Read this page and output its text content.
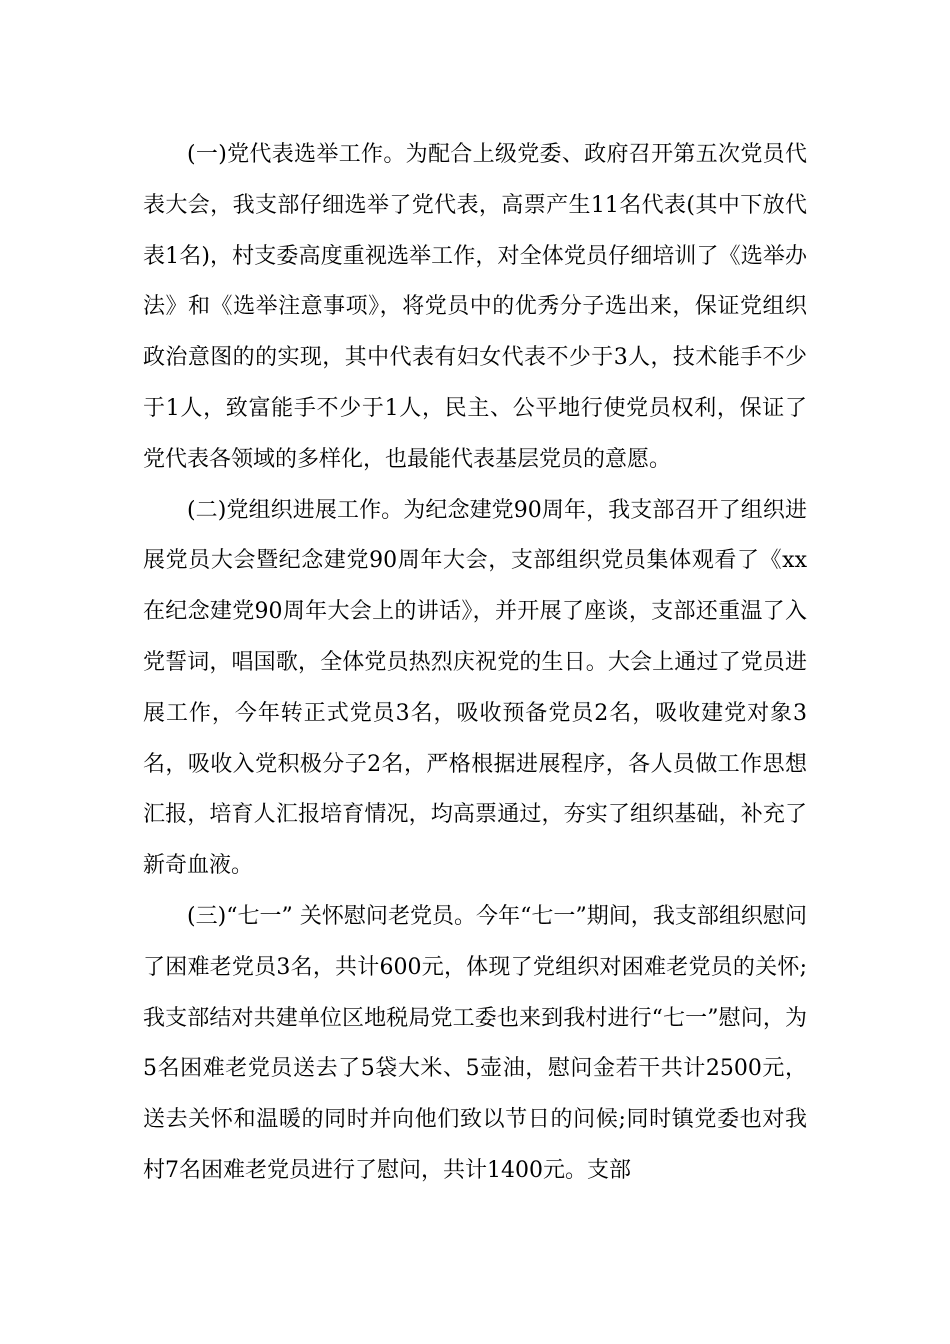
(一)党代表选举工作。为配合上级党委、政府召开第五次党员代表大会，我支部仔细选举了党代表，高票产生11名代表(其中下放代表1名)，村支委高度重视选举工作，对全体党员仔细培训了《选举办法》和《选举注意事项》，将党员中的优秀分子选出来，保证党组织政治意图的的实现，其中代表有妇女代表不少于3人，技术能手不少于1人，致富能手不少于1人，民主、公平地行使党员权利，保证了党代表各领域的多样化，也最能代表基层党员的意愿。

(二)党组织进展工作。为纪念建党90周年，我支部召开了组织进展党员大会暨纪念建党90周年大会，支部组织党员集体观看了《xx在纪念建党90周年大会上的讲话》，并开展了座谈，支部还重温了入党誓词，唱国歌，全体党员热烈庆祝党的生日。大会上通过了党员进展工作，今年转正式党员3名，吸收预备党员2名，吸收建党对象3名，吸收入党积极分子2名，严格根据进展程序，各人员做工作思想汇报，培育人汇报培育情况，均高票通过，夯实了组织基础，补充了新奇血液。

(三)“七一” 关怀慰问老党员。今年“七一”期间，我支部组织慰问了困难老党员3名，共计600元，体现了党组织对困难老党员的关怀;我支部结对共建单位区地税局党工委也来到我村进行“七一”慰问，为5名困难老党员送去了5袋大米、5壶油，慰问金若干共计2500元，送去关怀和温暖的同时并向他们致以节日的问候;同时镇党委也对我村7名困难老党员进行了慰问，共计1400元。支部
